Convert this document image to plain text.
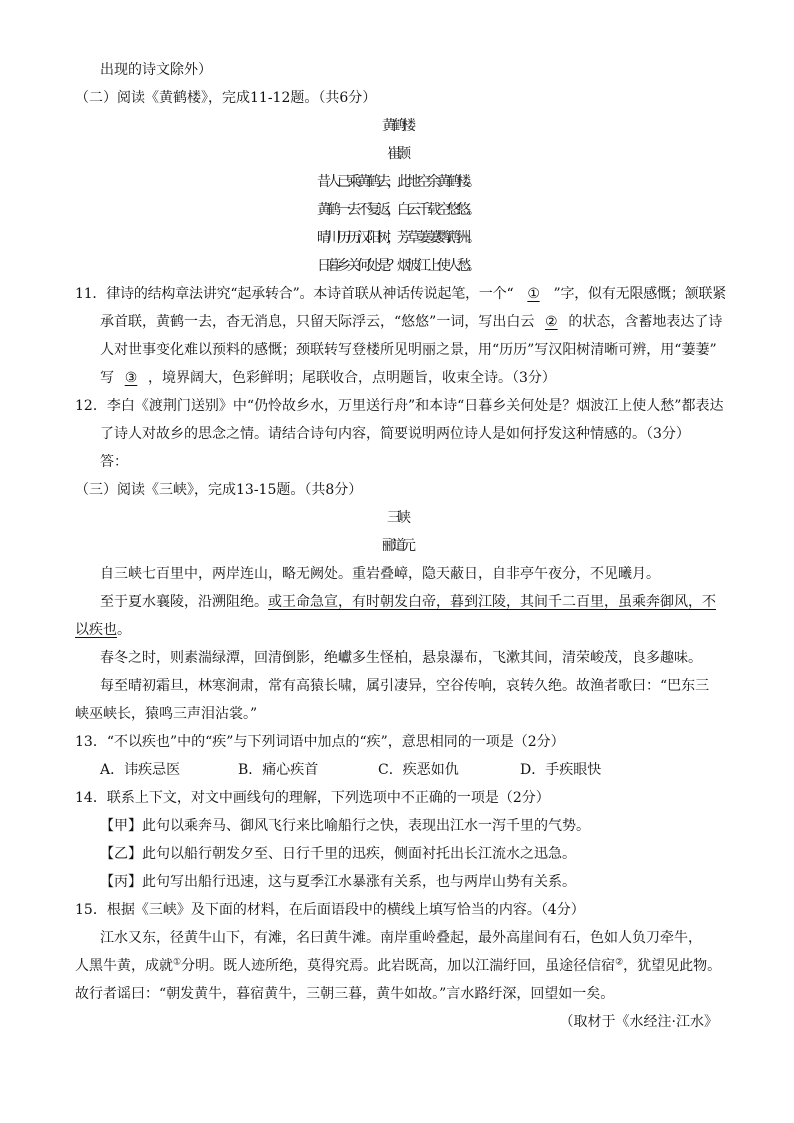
出现的诗文除外）

（二）阅读《黄鹤楼》，完成11-12题。（共6分）

黄鹤楼

崔颢

昔人已乘黄鹤去，此地空余黄鹤楼。

黄鹤一去不复返，白云千载空悠悠。

晴川历历汉阳树，芳草萋萋鹦鹉洲。

日暮乡关何处是？烟波江上使人愁。

11．律诗的结构章法讲究“起承转合”。本诗首联从神话传说起笔，一个“ ① ”字，似有无限感慨；颔联紧

承首联，黄鹤一去，杳无消息，只留天际浮云，“悠悠”一词，写出白云 ② 的状态，含蓄地表达了诗

人对世事变化难以预料的感慨；颈联转写登楼所见明丽之景，用“历历”写汉阳树清晰可辨，用“萋萋”

写 ③ ，境界阔大，色彩鲜明；尾联收合，点明题旨，收束全诗。（3分）

12．李白《渡荆门送别》中“仍怜故乡水，万里送行舟”和本诗“日暮乡关何处是？烟波江上使人愁”都表达

了诗人对故乡的思念之情。请结合诗句内容，简要说明两位诗人是如何抒发这种情感的。（3分）

答：

（三）阅读《三峡》，完成13-15题。（共8分）

三峡

郦道元

自三峡七百里中，两岸连山，略无阙处。重岩叠嶂，隐天蔽日，自非亭午夜分，不见曦月。

至于夏水襄陵，沿溯阻绝。或王命急宣，有时朝发白帝，暮到江陵，其间千二百里，虽乘奔御风，不

以疾也。

春冬之时，则素湍绿潭，回清倒影，绝巘多生怪柏，悬泉瀑布，飞漱其间，清荣峻茂，良多趣味。

每至晴初霜旦，林寒涧肃，常有高猿长啸，属引凄异，空谷传响，哀转久绝。故渔者歌曰：“巴东三

峡巫峡长，猿鸣三声泪沾裳。”

13．“不以疾也”中的“疾”与下列词语中加点的“疾”，意思相同的一项是（2分）

A．讳疾忌医	B．痛心疾首	C．疾恶如仇	D．手疾眼快

14．联系上下文，对文中画线句的理解，下列选项中不正确的一项是（2分）

【甲】此句以乘奔马、御风飞行来比喻船行之快，表现出江水一泻千里的气势。

【乙】此句以船行朝发夕至、日行千里的迅疾，侧面衬托出长江流水之迅急。

【丙】此句写出船行迅速，这与夏季江水暴涨有关系，也与两岸山势有关系。

15．根据《三峡》及下面的材料，在后面语段中的横线上填写恰当的内容。（4分）

江水又东，径黄牛山下，有滩，名曰黄牛滩。南岸重岭叠起，最外高崖间有石，色如人负刀牵牛，

人黑牛黄，成就①分明。既人迹所绝，莫得究焉。此岩既高，加以江湍纡回，虽途径信宿②，犹望见此物。

故行者谣曰：“朝发黄牛，暮宿黄牛，三朝三暮，黄牛如故。”言水路纡深，回望如一矣。

（取材于《水经注·江水》
